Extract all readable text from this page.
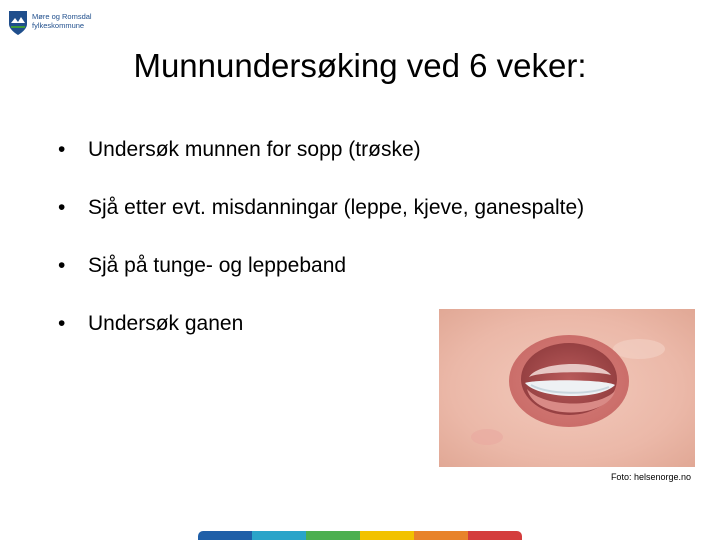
Møre og Romsdal
fylkeskommune
Munnundersøking ved 6 veker:
• Undersøk munnen for sopp (trøske)
• Sjå etter evt. misdanningar (leppe, kjeve, ganespalte)
• Sjå på tunge- og leppeband
• Undersøk ganen
Foto: helsenorge.no
